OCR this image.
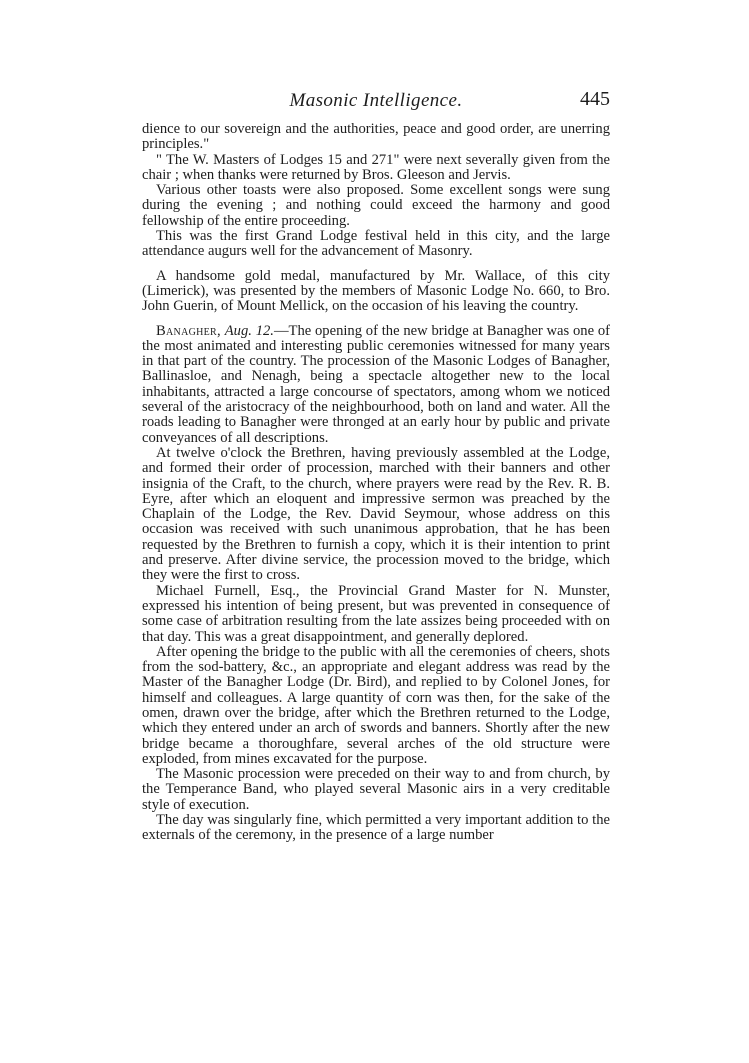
Masonic Intelligence.	445

dience to our sovereign and the authorities, peace and good order, are unerring principles."

" The W. Masters of Lodges 15 and 271" were next severally given from the chair ; when thanks were returned by Bros. Gleeson and Jervis.

Various other toasts were also proposed. Some excellent songs were sung during the evening ; and nothing could exceed the harmony and good fellowship of the entire proceeding.

This was the first Grand Lodge festival held in this city, and the large attendance augurs well for the advancement of Masonry.

A handsome gold medal, manufactured by Mr. Wallace, of this city (Limerick), was presented by the members of Masonic Lodge No. 660, to Bro. John Guerin, of Mount Mellick, on the occasion of his leaving the country.

Banagher, Aug. 12.—The opening of the new bridge at Banagher was one of the most animated and interesting public ceremonies witnessed for many years in that part of the country. The procession of the Masonic Lodges of Banagher, Ballinasloe, and Nenagh, being a spectacle altogether new to the local inhabitants, attracted a large concourse of spectators, among whom we noticed several of the aristocracy of the neighbourhood, both on land and water. All the roads leading to Banagher were thronged at an early hour by public and private conveyances of all descriptions.

At twelve o'clock the Brethren, having previously assembled at the Lodge, and formed their order of procession, marched with their banners and other insignia of the Craft, to the church, where prayers were read by the Rev. R. B. Eyre, after which an eloquent and impressive sermon was preached by the Chaplain of the Lodge, the Rev. David Seymour, whose address on this occasion was received with such unanimous approbation, that he has been requested by the Brethren to furnish a copy, which it is their intention to print and preserve. After divine service, the procession moved to the bridge, which they were the first to cross.

Michael Furnell, Esq., the Provincial Grand Master for N. Munster, expressed his intention of being present, but was prevented in consequence of some case of arbitration resulting from the late assizes being proceeded with on that day. This was a great disappointment, and generally deplored.

After opening the bridge to the public with all the ceremonies of cheers, shots from the sod-battery, &c., an appropriate and elegant address was read by the Master of the Banagher Lodge (Dr. Bird), and replied to by Colonel Jones, for himself and colleagues. A large quantity of corn was then, for the sake of the omen, drawn over the bridge, after which the Brethren returned to the Lodge, which they entered under an arch of swords and banners. Shortly after the new bridge became a thoroughfare, several arches of the old structure were exploded, from mines excavated for the purpose.

The Masonic procession were preceded on their way to and from church, by the Temperance Band, who played several Masonic airs in a very creditable style of execution.

The day was singularly fine, which permitted a very important addition to the externals of the ceremony, in the presence of a large number
